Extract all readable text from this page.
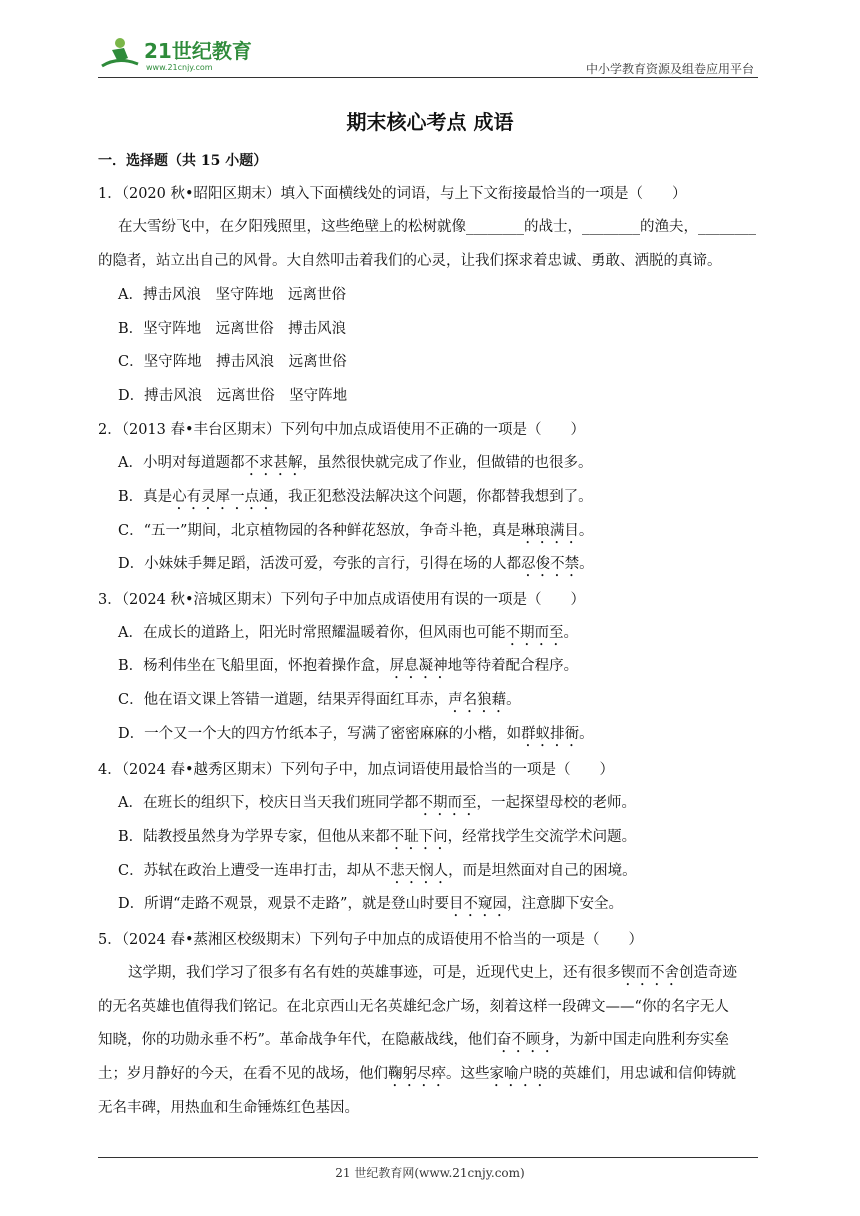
21世纪教育
www.21cnjy.com	中小学教育资源及组卷应用平台
期末核心考点 成语
一．选择题（共 15 小题）
1．（2020 秋•昭阳区期末）填入下面横线处的词语，与上下文衔接最恰当的一项是（　　）
在大雪纷飞中，在夕阳残照里，这些绝壁上的松树就像________的战士，________的渔夫，________
的隐者，站立出自己的风骨。大自然叩击着我们的心灵，让我们探求着忠诚、勇敢、洒脱的真谛。
A．搏击风浪　坚守阵地　远离世俗
B．坚守阵地　远离世俗　搏击风浪
C．坚守阵地　搏击风浪　远离世俗
D．搏击风浪　远离世俗　坚守阵地
2．（2013 春•丰台区期末）下列句中加点成语使用不正确的一项是（　　）
A．小明对每道题都不求甚解，虽然很快就完成了作业，但做错的也很多。
B．真是心有灵犀一点通，我正犯愁没法解决这个问题，你都替我想到了。
C．“五一”期间，北京植物园的各种鲜花怒放，争奇斗艳，真是琳琅满目。
D．小妹妹手舞足蹈，活泼可爱，夸张的言行，引得在场的人都忍俊不禁。
3．（2024 秋•涪城区期末）下列句子中加点成语使用有误的一项是（　　）
A．在成长的道路上，阳光时常照耀温暖着你，但风雨也可能不期而至。
B．杨利伟坐在飞船里面，怀抱着操作盒，屏息凝神地等待着配合程序。
C．他在语文课上答错一道题，结果弄得面红耳赤，声名狼藉。
D．一个又一个大的四方竹纸本子，写满了密密麻麻的小楷，如群蚁排衙。
4．（2024 春•越秀区期末）下列句子中，加点词语使用最恰当的一项是（　　）
A．在班长的组织下，校庆日当天我们班同学都不期而至，一起探望母校的老师。
B．陆教授虽然身为学界专家，但他从来都不耻下问，经常找学生交流学术问题。
C．苏轼在政治上遭受一连串打击，却从不悲天悯人，而是坦然面对自己的困境。
D．所谓“走路不观景，观景不走路”，就是登山时要目不窥园，注意脚下安全。
5．（2024 春•蒸湘区校级期末）下列句子中加点的成语使用不恰当的一项是（　　）
这学期，我们学习了很多有名有姓的英雄事迹，可是，近现代史上，还有很多锲而不舍创造奇迹
的无名英雄也值得我们铭记。在北京西山无名英雄纪念广场，刻着这样一段碑文——“你的名字无人
知晓，你的功勋永垂不朽”。革命战争年代，在隐蔽战线，他们奋不顾身，为新中国走向胜利夯实垒
土；岁月静好的今天，在看不见的战场，他们鞠躬尽瘁。这些家喻户晓的英雄们，用忠诚和信仰铸就
无名丰碑，用热血和生命锤炼红色基因。
21 世纪教育网(www.21cnjy.com)
